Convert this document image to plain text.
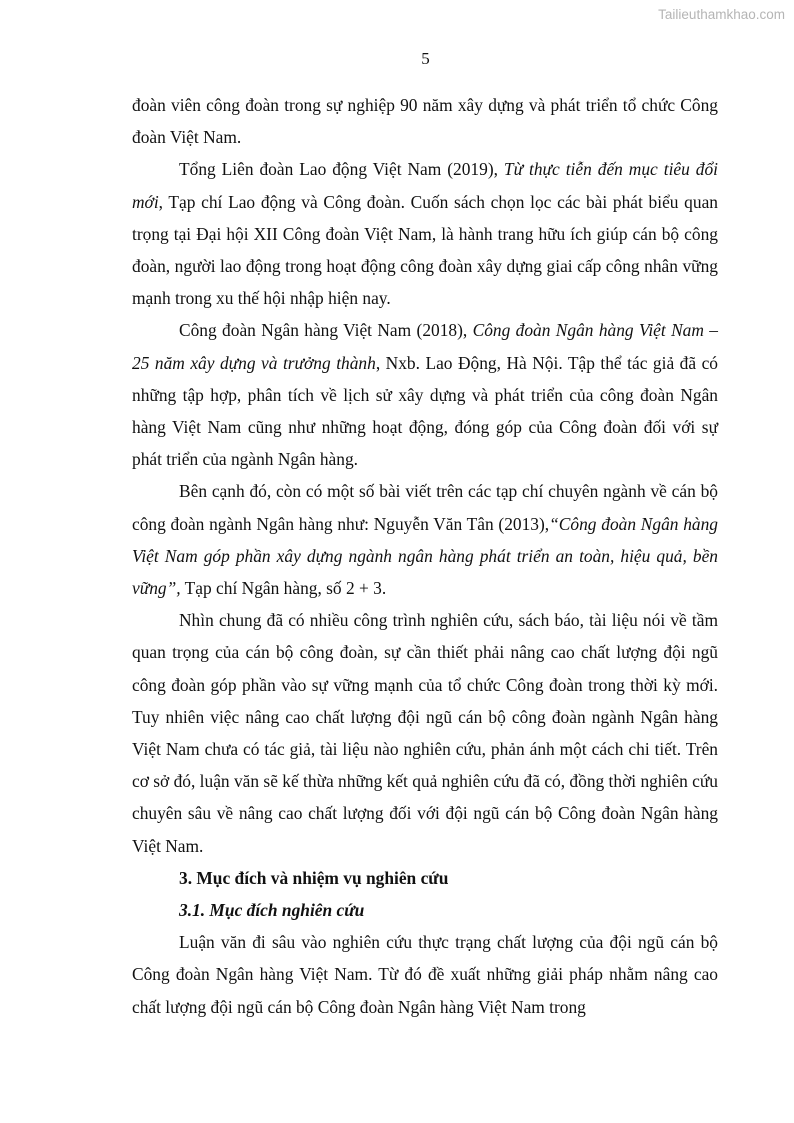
Tailieuthamkhao.com
5

đoàn viên công đoàn trong sự nghiệp 90 năm xây dựng và phát triển tổ chức Công đoàn Việt Nam.

Tổng Liên đoàn Lao động Việt Nam (2019), Từ thực tiễn đến mục tiêu đổi mới, Tạp chí Lao động và Công đoàn. Cuốn sách chọn lọc các bài phát biểu quan trọng tại Đại hội XII Công đoàn Việt Nam, là hành trang hữu ích giúp cán bộ công đoàn, người lao động trong hoạt động công đoàn xây dựng giai cấp công nhân vững mạnh trong xu thế hội nhập hiện nay.

Công đoàn Ngân hàng Việt Nam (2018), Công đoàn Ngân hàng Việt Nam – 25 năm xây dựng và trưởng thành, Nxb. Lao Động, Hà Nội. Tập thể tác giả đã có những tập hợp, phân tích về lịch sử xây dựng và phát triển của công đoàn Ngân hàng Việt Nam cũng như những hoạt động, đóng góp của Công đoàn đối với sự phát triển của ngành Ngân hàng.

Bên cạnh đó, còn có một số bài viết trên các tạp chí chuyên ngành về cán bộ công đoàn ngành Ngân hàng như: Nguyễn Văn Tân (2013),“Công đoàn Ngân hàng Việt Nam góp phần xây dựng ngành ngân hàng phát triển an toàn, hiệu quả, bền vững”, Tạp chí Ngân hàng, số 2 + 3.

Nhìn chung đã có nhiều công trình nghiên cứu, sách báo, tài liệu nói về tầm quan trọng của cán bộ công đoàn, sự cần thiết phải nâng cao chất lượng đội ngũ công đoàn góp phần vào sự vững mạnh của tổ chức Công đoàn trong thời kỳ mới. Tuy nhiên việc nâng cao chất lượng đội ngũ cán bộ công đoàn ngành Ngân hàng Việt Nam chưa có tác giả, tài liệu nào nghiên cứu, phản ánh một cách chi tiết. Trên cơ sở đó, luận văn sẽ kế thừa những kết quả nghiên cứu đã có, đồng thời nghiên cứu chuyên sâu về nâng cao chất lượng đối với đội ngũ cán bộ Công đoàn Ngân hàng Việt Nam.

3. Mục đích và nhiệm vụ nghiên cứu

3.1. Mục đích nghiên cứu

Luận văn đi sâu vào nghiên cứu thực trạng chất lượng của đội ngũ cán bộ Công đoàn Ngân hàng Việt Nam. Từ đó đề xuất những giải pháp nhằm nâng cao chất lượng đội ngũ cán bộ Công đoàn Ngân hàng Việt Nam trong
